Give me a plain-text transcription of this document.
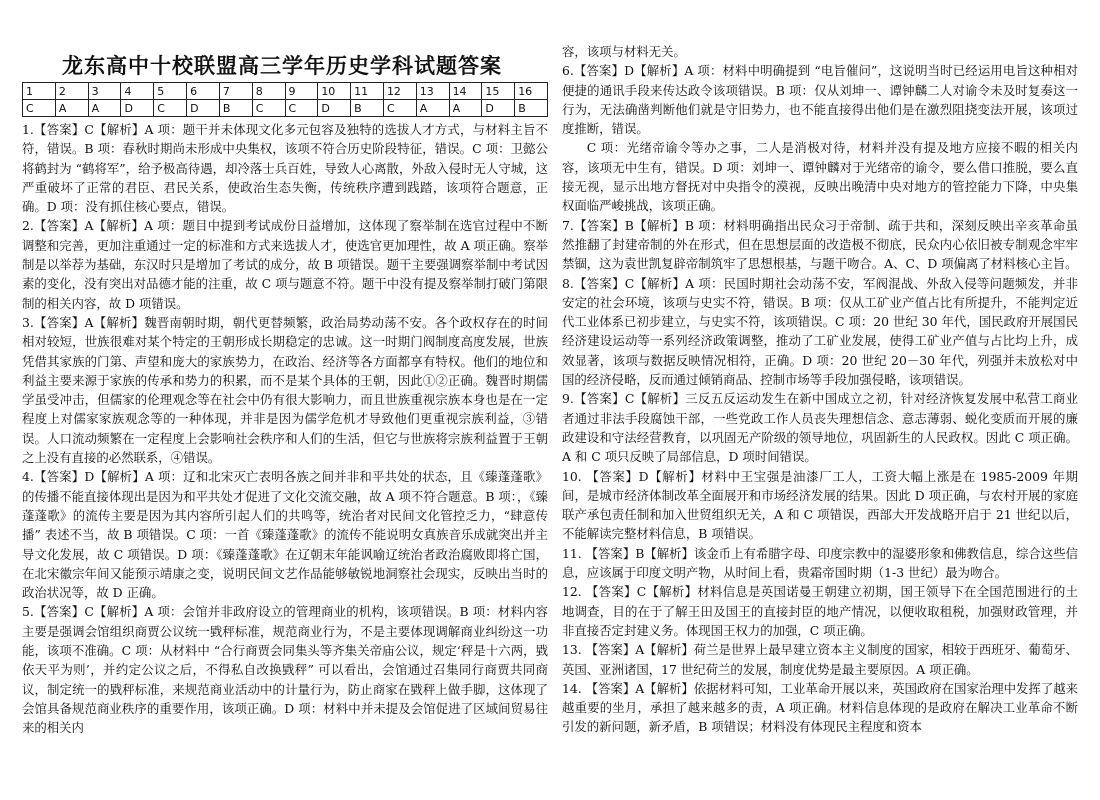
龙东高中十校联盟高三学年历史学科试题答案
1	2	3	4	5	6	7	8	9	10	11	12	13	14	15	16
C	A	A	D	C	D	B	C	C	D	B	C	A	A	D	B

1.【答案】C【解析】A 项：题干并未体现文化多元包容及独特的选拔人才方式，与材料主旨不符，错误。B 项：春秋时期尚未形成中央集权，该项不符合历史阶段特征，错误。C 项：卫懿公将鹤封为 “鹤将军”，给予极高待遇，却冷落士兵百姓，导致人心离散，外敌入侵时无人守城，这严重破坏了正常的君臣、君民关系，使政治生态失衡，传统秩序遭到践踏，该项符合题意，正确。D 项：没有抓住核心要点，错误。

2.【答案】A【解析】A 项：题目中提到考试成份日益增加，这体现了察举制在选官过程中不断调整和完善，更加注重通过一定的标准和方式来选拔人才，使选官更加理性，故 A 项正确。察举制是以举荐为基础，东汉时只是增加了考试的成分，故 B 项错误。题干主要强调察举制中考试因素的变化，没有突出对品德才能的注重，故 C 项与题意不符。题干中没有提及察举制打破门第限制的相关内容，故 D 项错误。

3.【答案】A【解析】魏晋南朝时期，朝代更替频繁，政治局势动荡不安。各个政权存在的时间相对较短，世族很难对某个特定的王朝形成长期稳定的忠诚。这一时期门阀制度高度发展，世族凭借其家族的门第、声望和庞大的家族势力，在政治、经济等各方面都享有特权。他们的地位和利益主要来源于家族的传承和势力的积累，而不是某个具体的王朝，因此①②正确。魏晋时期儒学虽受冲击，但儒家的伦理观念等在社会中仍有很大影响力，而且世族重视宗族本身也是在一定程度上对儒家家族观念等的一种体现，并非是因为儒学危机才导致他们更重视宗族利益，③错误。人口流动频繁在一定程度上会影响社会秩序和人们的生活，但它与世族将宗族利益置于王朝之上没有直接的必然联系，④错误。

4.【答案】D【解析】A 项：辽和北宋灭亡表明各族之间并非和平共处的状态，且《臻蓬蓬歌》的传播不能直接体现出是因为和平共处才促进了文化交流交融，故 A 项不符合题意。B 项：，《臻蓬蓬歌》的流传主要是因为其内容所引起人们的共鸣等，统治者对民间文化管控乏力，“肆意传播” 表述不当，故 B 项错误。C 项：一首《臻蓬蓬歌》的流传不能说明女真族音乐成就突出并主导文化发展，故 C 项错误。D 项：《臻蓬蓬歌》在辽朝末年能讽喻辽统治者政治腐败即将亡国，在北宋徽宗年间又能预示靖康之变，说明民间文艺作品能够敏锐地洞察社会现实，反映出当时的政治状况等，故 D 正确。

5.【答案】C【解析】A 项：会馆并非政府设立的管理商业的机构，该项错误。B 项：材料内容主要是强调会馆组织商贾公议统一戥秤标准，规范商业行为，不是主要体现调解商业纠纷这一功能，该项不准确。C 项：从材料中 “合行商贾会同集头等齐集关帝庙公议，规定‘秤是十六两，戥依天平为则’，并约定公议之后，不得私自改换戥秤” 可以看出，会馆通过召集同行商贾共同商议，制定统一的戥秤标准，来规范商业活动中的计量行为，防止商家在戥秤上做手脚，这体现了会馆具备规范商业秩序的重要作用，该项正确。D 项：材料中并未提及会馆促进了区域间贸易往来的相关内

容，该项与材料无关。

6.【答案】D【解析】A 项：材料中明确提到 “电旨催问”，这说明当时已经运用电旨这种相对便捷的通讯手段来传达政令该项错误。B 项：仅从刘坤一、谭钟麟二人对谕令未及时复奏这一行为，无法确凿判断他们就是守旧势力，也不能直接得出他们是在激烈阻挠变法开展，该项过度推断，错误。

C 项：光绪帝谕令等办之事，二人是消极对待，材料并没有提及地方应接不暇的相关内容，该项无中生有，错误。D 项：刘坤一、谭钟麟对于光绪帝的谕令，要么借口推脱，要么直接无视，显示出地方督抚对中央指令的漠视，反映出晚清中央对地方的管控能力下降，中央集权面临严峻挑战，该项正确。

7.【答案】B【解析】B 项：材料明确指出民众习于帝制、疏于共和，深刻反映出辛亥革命虽然推翻了封建帝制的外在形式，但在思想层面的改造极不彻底，民众内心依旧被专制观念牢牢禁锢，这为袁世凯复辟帝制筑牢了思想根基，与题干吻合。A、C、D 项偏离了材料核心主旨。

8.【答案】C【解析】A 项：民国时期社会动荡不安，军阀混战、外敌入侵等问题频发，并非安定的社会环境，该项与史实不符，错误。B 项：仅从工矿业产值占比有所提升，不能判定近代工业体系已初步建立，与史实不符，该项错误。C 项：20 世纪 30 年代，国民政府开展国民经济建设运动等一系列经济政策调整，推动了工矿业发展，使得工矿业产值与占比均上升，成效显著，该项与数据反映情况相符，正确。D 项：20 世纪 20－30 年代，列强并未放松对中国的经济侵略，反而通过倾销商品、控制市场等手段加强侵略，该项错误。

9.【答案】C【解析】三反五反运动发生在新中国成立之初，针对经济恢复发展中私营工商业者通过非法手段腐蚀干部，一些党政工作人员丧失理想信念、意志薄弱、蜕化变质而开展的廉政建设和守法经营教育，以巩固无产阶级的领导地位，巩固新生的人民政权。因此 C 项正确。A 和 C 项只反映了局部信息，D 项时间错误。

10. 【答案】D【解析】材料中王宝强是油漆厂工人，工资大幅上涨是在 1985-2009 年期间，是城市经济体制改革全面展开和市场经济发展的结果。因此 D 项正确，与农村开展的家庭联产承包责任制和加入世贸组织无关，A 和 C 项错误，西部大开发战略开启于 21 世纪以后，不能解读完整材料信息，B 项错误。

11. 【答案】B【解析】该金币上有希腊字母、印度宗教中的湿婆形象和佛教信息，综合这些信息，应该属于印度文明产物，从时间上看，贵霜帝国时期（1-3 世纪）最为吻合。

12. 【答案】C【解析】材料信息是英国诺曼王朝建立初期，国王领导下在全国范围进行的土地调查，目的在于了解王田及国王的直接封臣的地产情况，以便收取租税，加强财政管理，并非直接否定封建义务。体现国王权力的加强，C 项正确。

13. 【答案】A【解析】荷兰是世界上最早建立资本主义制度的国家，相较于西班牙、葡萄牙、英国、亚洲诸国，17 世纪荷兰的发展，制度优势是最主要原因。A 项正确。

14. 【答案】A【解析】依据材料可知，工业革命开展以来，英国政府在国家治理中发挥了越来越重要的坐月，承担了越来越多的责，A 项正确。材料信息体现的是政府在解决工业革命不断引发的新问题，新矛盾，B 项错误；材料没有体现民主程度和资本
